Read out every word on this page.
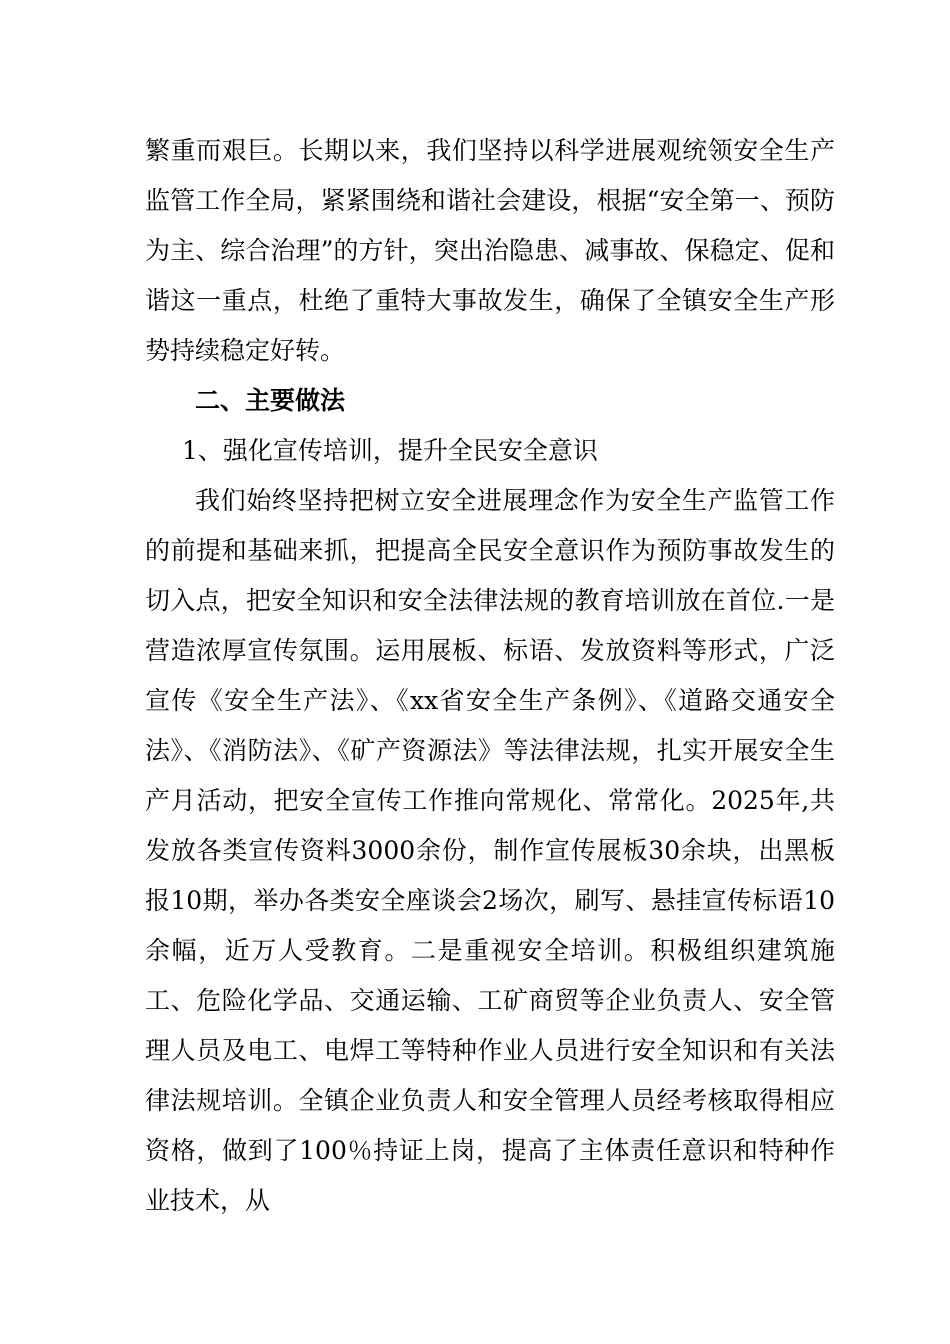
繁重而艰巨。长期以来，我们坚持以科学进展观统领安全生产监管工作全局，紧紧围绕和谐社会建设，根据“安全第一、预防为主、综合治理”的方针，突出治隐患、减事故、保稳定、促和谐这一重点，杜绝了重特大事故发生，确保了全镇安全生产形势持续稳定好转。

二、主要做法

1、强化宣传培训，提升全民安全意识

我们始终坚持把树立安全进展理念作为安全生产监管工作的前提和基础来抓，把提高全民安全意识作为预防事故发生的切入点，把安全知识和安全法律法规的教育培训放在首位.一是营造浓厚宣传氛围。运用展板、标语、发放资料等形式，广泛宣传《安全生产法》、《xx省安全生产条例》、《道路交通安全法》、《消防法》、《矿产资源法》等法律法规，扎实开展安全生产月活动，把安全宣传工作推向常规化、常常化。2025年,共发放各类宣传资料3000余份，制作宣传展板30余块，出黑板报10期，举办各类安全座谈会2场次，刷写、悬挂宣传标语10余幅，近万人受教育。二是重视安全培训。积极组织建筑施工、危险化学品、交通运输、工矿商贸等企业负责人、安全管理人员及电工、电焊工等特种作业人员进行安全知识和有关法律法规培训。全镇企业负责人和安全管理人员经考核取得相应资格，做到了100％持证上岗，提高了主体责任意识和特种作业技术，从
